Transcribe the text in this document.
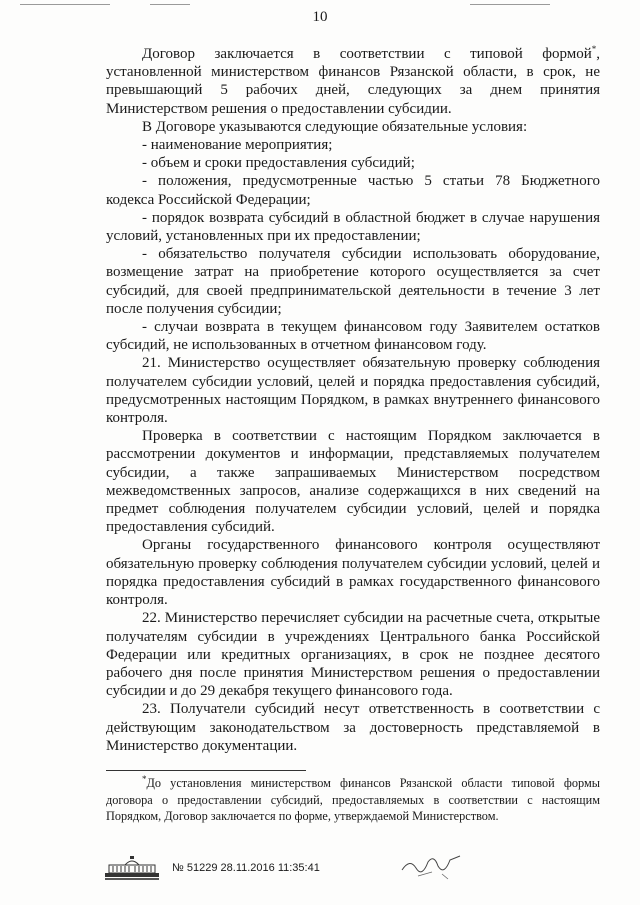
10

Договор заключается в соответствии с типовой формой*, установленной министерством финансов Рязанской области, в срок, не превышающий 5 рабочих дней, следующих за днем принятия Министерством решения о предоставлении субсидии.

В Договоре указываются следующие обязательные условия:

- наименование мероприятия;

- объем и сроки предоставления субсидий;

- положения, предусмотренные частью 5 статьи 78 Бюджетного кодекса Российской Федерации;

- порядок возврата субсидий в областной бюджет в случае нарушения условий, установленных при их предоставлении;

- обязательство получателя субсидии использовать оборудование, возмещение затрат на приобретение которого осуществляется за счет субсидий, для своей предпринимательской деятельности в течение 3 лет после получения субсидии;

- случаи возврата в текущем финансовом году Заявителем остатков субсидий, не использованных в отчетном финансовом году.

21. Министерство осуществляет обязательную проверку соблюдения получателем субсидии условий, целей и порядка предоставления субсидий, предусмотренных настоящим Порядком, в рамках внутреннего финансового контроля.

Проверка в соответствии с настоящим Порядком заключается в рассмотрении документов и информации, представляемых получателем субсидии, а также запрашиваемых Министерством посредством межведомственных запросов, анализе содержащихся в них сведений на предмет соблюдения получателем субсидии условий, целей и порядка предоставления субсидий.

Органы государственного финансового контроля осуществляют обязательную проверку соблюдения получателем субсидии условий, целей и порядка предоставления субсидий в рамках государственного финансового контроля.

22. Министерство перечисляет субсидии на расчетные счета, открытые получателям субсидии в учреждениях Центрального банка Российской Федерации или кредитных организациях, в срок не позднее десятого рабочего дня после принятия Министерством решения о предоставлении субсидии и до 29 декабря текущего финансового года.

23. Получатели субсидий несут ответственность в соответствии с действующим законодательством за достоверность представляемой в Министерство документации.

*До установления министерством финансов Рязанской области типовой формы договора о предоставлении субсидий, предоставляемых в соответствии с настоящим Порядком, Договор заключается по форме, утверждаемой Министерством.
№ 51229 28.11.2016 11:35:41
